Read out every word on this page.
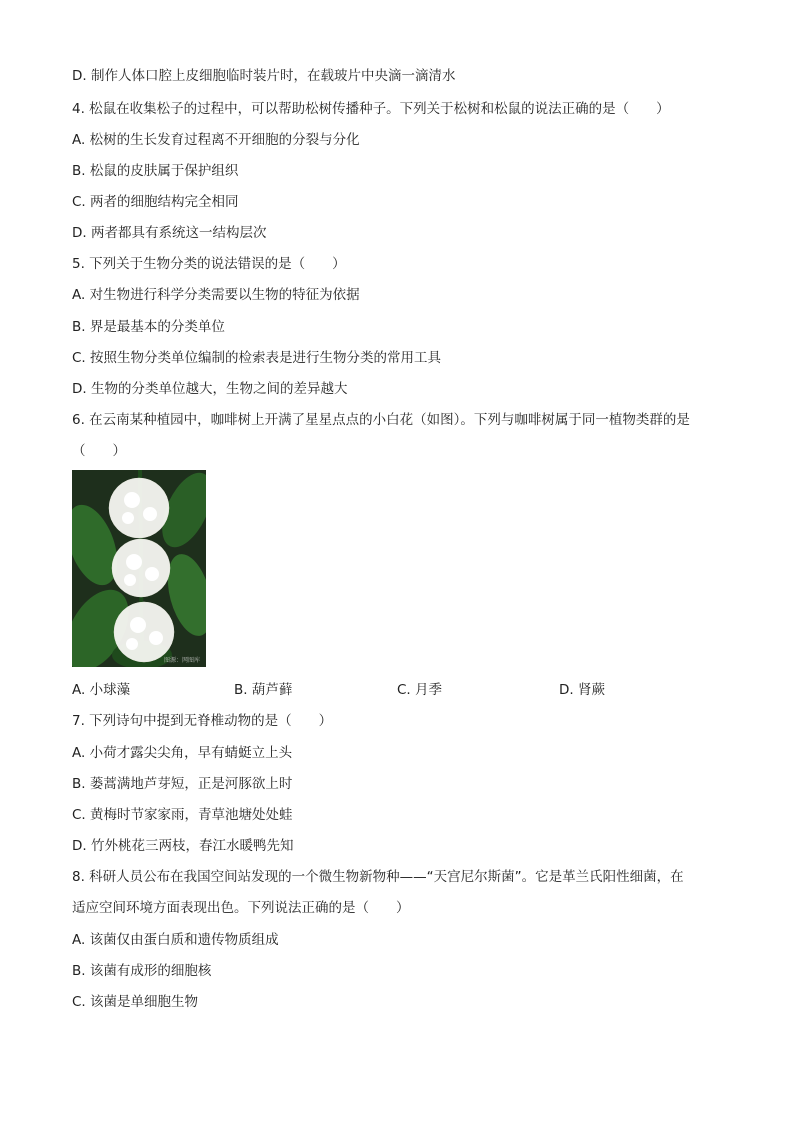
D. 制作人体口腔上皮细胞临时装片时，在载玻片中央滴一滴清水

4. 松鼠在收集松子的过程中，可以帮助松树传播种子。下列关于松树和松鼠的说法正确的是（　　）

A. 松树的生长发育过程离不开细胞的分裂与分化

B. 松鼠的皮肤属于保护组织

C. 两者的细胞结构完全相同

D. 两者都具有系统这一结构层次

5. 下列关于生物分类的说法错误的是（　　）

A. 对生物进行科学分类需要以生物的特征为依据

B. 界是最基本的分类单位

C. 按照生物分类单位编制的检索表是进行生物分类的常用工具

D. 生物的分类单位越大，生物之间的差异越大

6. 在云南某种植园中，咖啡树上开满了星星点点的小白花（如图）。下列与咖啡树属于同一植物类群的是（　　）

图源：网图库

A. 小球藻	B. 葫芦藓	C. 月季	D. 肾蕨

7. 下列诗句中提到无脊椎动物的是（　　）

A. 小荷才露尖尖角，早有蜻蜓立上头

B. 蒌蒿满地芦芽短，正是河豚欲上时

C. 黄梅时节家家雨，青草池塘处处蛙

D. 竹外桃花三两枝，春江水暖鸭先知

8. 科研人员公布在我国空间站发现的一个微生物新物种——“天宫尼尔斯菌”。它是革兰氏阳性细菌，在

适应空间环境方面表现出色。下列说法正确的是（　　）

A. 该菌仅由蛋白质和遗传物质组成

B. 该菌有成形的细胞核

C. 该菌是单细胞生物
